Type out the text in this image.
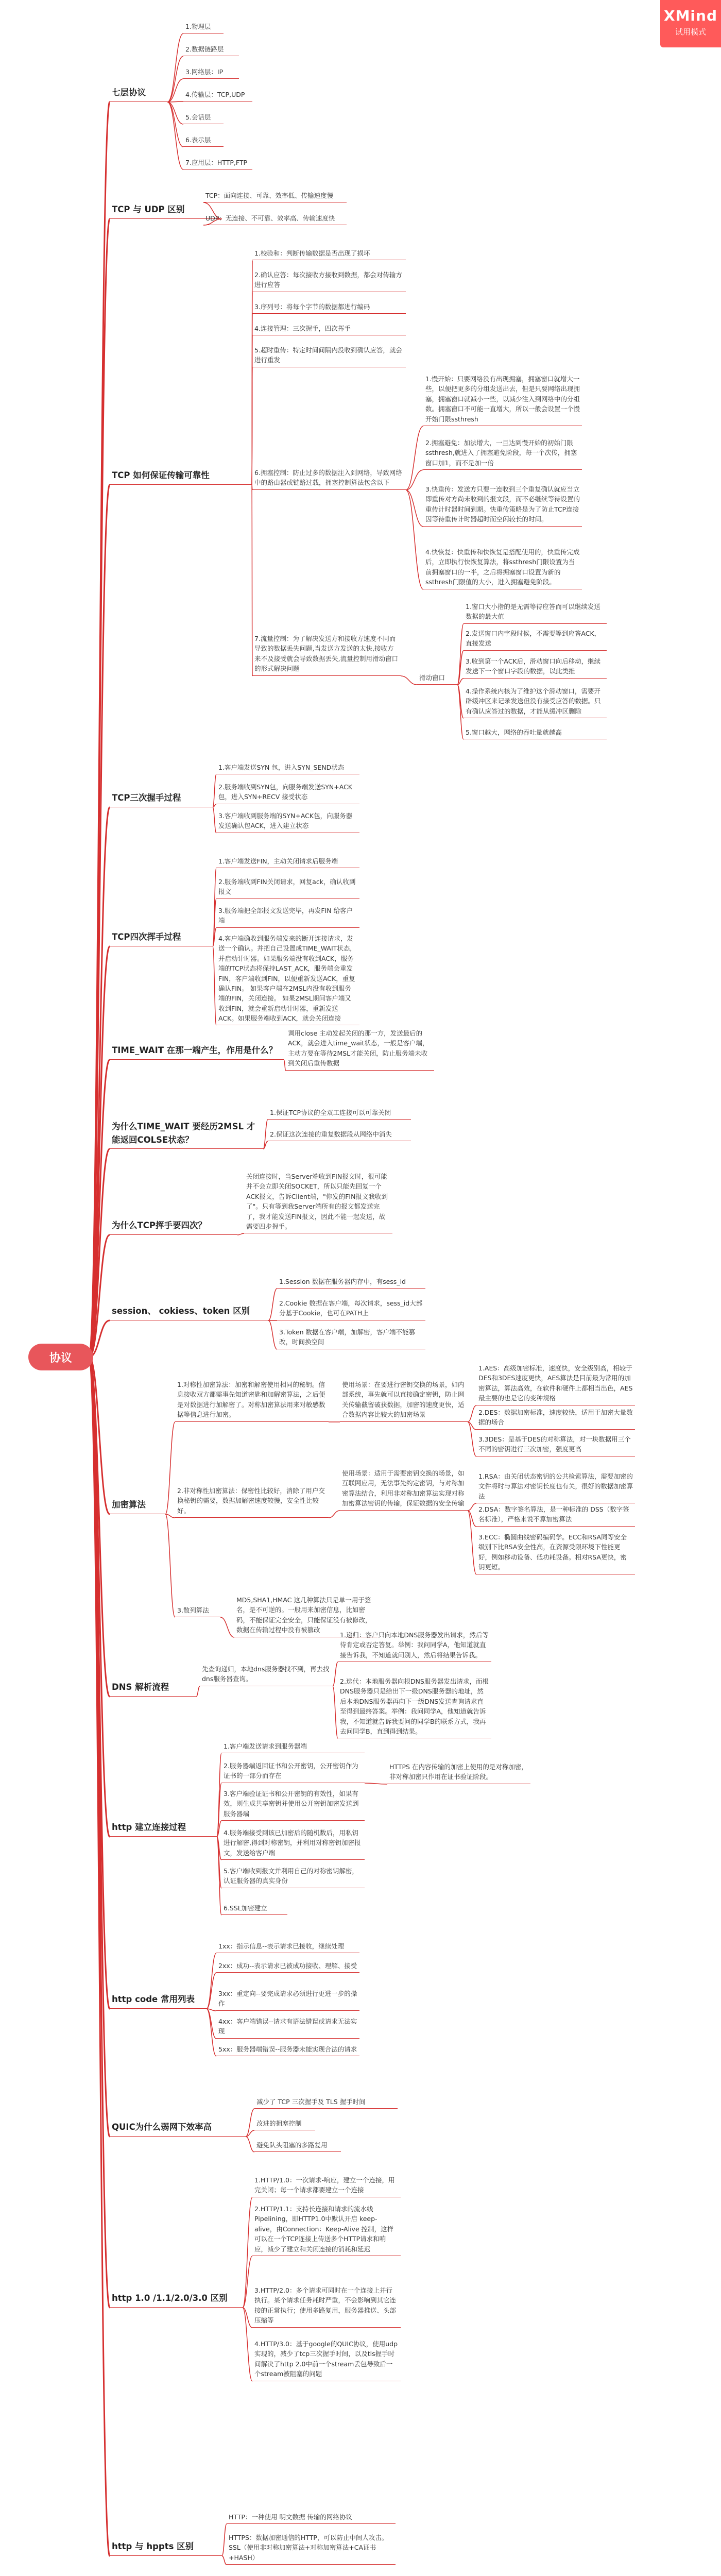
XMind
试用模式
协议
七层协议
1.物理层
2.数据链路层
3.网络层：IP
4.传输层：TCP,UDP
5.会话层
6.表示层
7.应用层：HTTP,FTP
TCP 与 UDP 区别
TCP：面向连接、可靠、效率低、传输速度慢
UDP：无连接、不可靠、效率高、传输速度快
TCP 如何保证传输可靠性
1.校验和：判断传输数据是否出现了损坏
2.确认应答：每次接收方接收到数据，都会对传输方进行应答
3.序列号：将每个字节的数据都进行编码
4.连接管理：三次握手，四次挥手
5.超时重传：特定时间间隔内没收到确认应答，就会进行重发
6.拥塞控制：防止过多的数据注入到网络，导致网络中的路由器或链路过载，拥塞控制算法包含以下
7.流量控制：为了解决发送方和接收方速度不同而导致的数据丢失问题,当发送方发送的太快,接收方来不及接受就会导致数据丢失,流量控制用滑动窗口的形式解决问题
1.慢开始：只要网络没有出现拥塞，拥塞窗口就增大一些，以便把更多的分组发送出去，但是只要网络出现拥塞，拥塞窗口就减小一些，以减少注入到网络中的分组数。拥塞窗口不可能一直增大，所以一般会设置一个慢开始门限ssthresh
2.拥塞避免：加法增大，一旦达到慢开始的初始门限ssthresh,就进入了拥塞避免阶段，每一个次传，拥塞窗口加1，而不是加一倍
3.快重传：发送方只要一连收到三个重复确认就应当立即重传对方尚未收到的报文段，而不必继续等待设置的重传计时器时间到期。快重传策略是为了防止TCP连接因等待重传计时器超时而空闲较长的时间。
4.快恢复：快重传和快恢复是搭配使用的，快重传完成后，立即执行快恢复算法，将ssthresh门限设置为当前拥塞窗口的一半，之后将拥塞窗口设置为新的ssthresh门限值的大小，进入拥塞避免阶段。
滑动窗口
1.窗口大小指的是无需等待应答而可以继续发送数据的最大值
2.发送窗口内字段时候，不需要等到应答ACK，直接发送
3.收到第一个ACK后，滑动窗口向后移动，继续发送下一个窗口字段的数据，以此类推
4.操作系统内核为了维护这个滑动窗口，需要开辟缓冲区来记录发送但没有接受应答的数据。只有确认应答过的数据，才能从缓冲区删除
5.窗口越大，网络的吞吐量就越高
TCP三次握手过程
1.客户端发送SYN 包，进入SYN_SEND状态
2.服务端收到SYN包，向服务端发送SYN+ACK包，进入SYN+RECV 接受状态
3.客户端收到服务端的SYN+ACK包，向服务器发送确认包ACK，进入建立状态
TCP四次挥手过程
1.客户端发送FIN，主动关闭请求后服务端
2.服务端收到FIN关闭请求，回复ack，确认收到报文
3.服务端把全部报文发送完毕，再发FIN 给客户端
4.客户端确收到服务端发来的断开连接请求，发送一个确认。并把自己设置成TIME_WAIT状态，并启动计时器。如果服务端没有收到ACK，服务端的TCP状态将保持LAST_ACK，服务端会重发FIN，客户端收到FIN，以便重新发送ACK，重复确认FIN。 如果客户端在2MSL内没有收到服务端的FIN，关闭连接。 如果2MSL期间客户端又收到FIN，就会重新启动计时器，重新发送ACK。如果服务端收到ACK，就会关闭连接
TIME_WAIT 在那一端产生，作用是什么？
调用close 主动发起关闭的那一方，发送最后的ACK，就会进入time_wait状态，一般是客户端，主动方要在等待2MSL才能关闭，防止服务端未收到关闭后重传数据
为什么TIME_WAIT 要经历2MSL 才能返回COLSE状态？
1.保证TCP协议的全双工连接可以可靠关闭
2.保证这次连接的重复数据段从网络中消失
为什么TCP挥手要四次？
关闭连接时，当Server端收到FIN报文时，很可能并不会立即关闭SOCKET，所以只能先回复一个ACK报文，告诉Client端，"你发的FIN报文我收到了"。只有等到我Server端所有的报文都发送完了，我才能发送FIN报文，因此不能一起发送，故需要四步握手。
session、 cokiess、token 区别
1.Session 数据在服务器内存中，有sess_id
2.Cookie 数据在客户端，每次请求，sess_id大部分基于Cookie，也可在PATH上
3.Token 数据在客户端，加解密，客户端不能篡改，时间换空间
加密算法
1.对称性加密算法：加密和解密使用相同的秘钥。信息接收双方都需事先知道密匙和加解密算法，之后便是对数据进行加解密了。对称加密算法用来对敏感数据等信息进行加密。
2.非对称性加密算法：保密性比较好，消除了用户交换秘钥的需要，数据加解密速度较慢，安全性比较好。
3.散列算法
使用场景：在要进行密钥交换的场景，如内部系统，事先就可以直接确定密钥，防止网关传输截留破获数据，加密的速度更快，适合数据内容比较大的加密场景
1.AES：高级加密标准，速度快，安全级别高，相较于DES和3DES速度更快，AES算法是目前最为常用的加密算法，算法高效，在软件和硬件上都相当出色，AES最主要的也是它的变种规格
2.DES：数据加密标准，速度较快，适用于加密大量数据的场合
3.3DES：是基于DES的对称算法，对一块数据用三个不同的密钥进行三次加密，强度更高
使用场景：适用于需要密钥交换的场景，如互联网应用，无法事先约定密钥，与对称加密算法结合，利用非对称加密算法实现对称加密算法密钥的传输，保证数据的安全传输
1.RSA：由关闭状态密钥的公共检索算法，需要加密的文件将时与算法对密钥长度也有关，很好的数据加密算法
2.DSA：数字签名算法，是一种标准的 DSS（数字签名标准），严格来说不算加密算法
3.ECC：椭圆曲线密码编码学。ECC和RSA同等安全级别下比RSA安全性高，在资源受限环境下性能更好，例如移动设备、低功耗设备。相对RSA更快，密钥更短。
MD5,SHA1,HMAC 这几种算法只是单一用于签名，是不可逆的。一般用来加密信息，比如密码，不能保证完全安全，只能保证没有被修改，数据在传输过程中没有被篡改
DNS 解析流程
先查询递归，本地dns服务器找不到，再去找dns服务器查询。
1.递归：客户只向本地DNS服务器发出请求，然后等待肯定或否定答复。举例：我问同学A，他知道就直接告诉我，不知道就问别人，然后将结果告诉我。
2.迭代：本地服务器向根DNS服务器发出请求，而根DNS服务器只是给出下一级DNS服务器的地址，然后本地DNS服务器再向下一级DNS发送查询请求直至得到最终答案。举例：我问同学A，他知道就告诉我，不知道就告诉我要问的同学B的联系方式，我再去问同学B，直到得到结果。
http 建立连接过程
1.客户端发送请求到服务器端
2.服务器端返回证书和公开密钥，公开密钥作为证书的一部分而存在
3.客户端验证证书和公开密钥的有效性，如果有效，则生成共享密钥并使用公开密钥加密发送到服务器端
4.服务端接受到该已加密后的随机数后，用私钥进行解密,得到对称密钥，并利用对称密钥加密报文，发送给客户端
5.客户端收到报文并利用自己的对称密钥解密，认证服务器的真实身份
6.SSL加密建立
HTTPS 在内容传输的加密上使用的是对称加密，非对称加密只作用在证书验证阶段。
http code 常用列表
1xx：指示信息--表示请求已接收，继续处理
2xx：成功--表示请求已被成功接收、理解、接受
3xx：重定向--要完成请求必须进行更进一步的操作
4xx：客户端错误--请求有语法错误或请求无法实现
5xx：服务器端错误--服务器未能实现合法的请求
QUIC为什么弱网下效率高
减少了 TCP 三次握手及 TLS 握手时间
改进的拥塞控制
避免队头阻塞的多路复用
http 1.0 /1.1/2.0/3.0 区别
1.HTTP/1.0：一次请求-响应，建立一个连接，用完关闭；每一个请求都要建立一个连接
2.HTTP/1.1：支持长连接和请求的流水线Pipelining，即HTTP1.0中默认开启 keep-alive，由Connection：Keep-Alive 控制，这样可以在一个TCP连接上传送多个HTTP请求和响应，减少了建立和关闭连接的消耗和延迟
3.HTTP/2.0：多个请求可同时在一个连接上并行执行。某个请求任务耗时严重，不会影响到其它连接的正常执行；使用多路复用，服务器推送、头部压缩等
4.HTTP/3.0：基于google的QUIC协议，使用udp实现的，减少了tcp三次握手时间，以及tls握手时间解决了http 2.0中前一个stream丢包导致后一个stream被阻塞的问题
http 与 hppts 区别
HTTP：一种使用 明文数据 传输的网络协议
HTTPS：数据加密通信的HTTP，可以防止中间人攻击。SSL（使用非对称加密算法+对称加密算法+CA证书+HASH）
